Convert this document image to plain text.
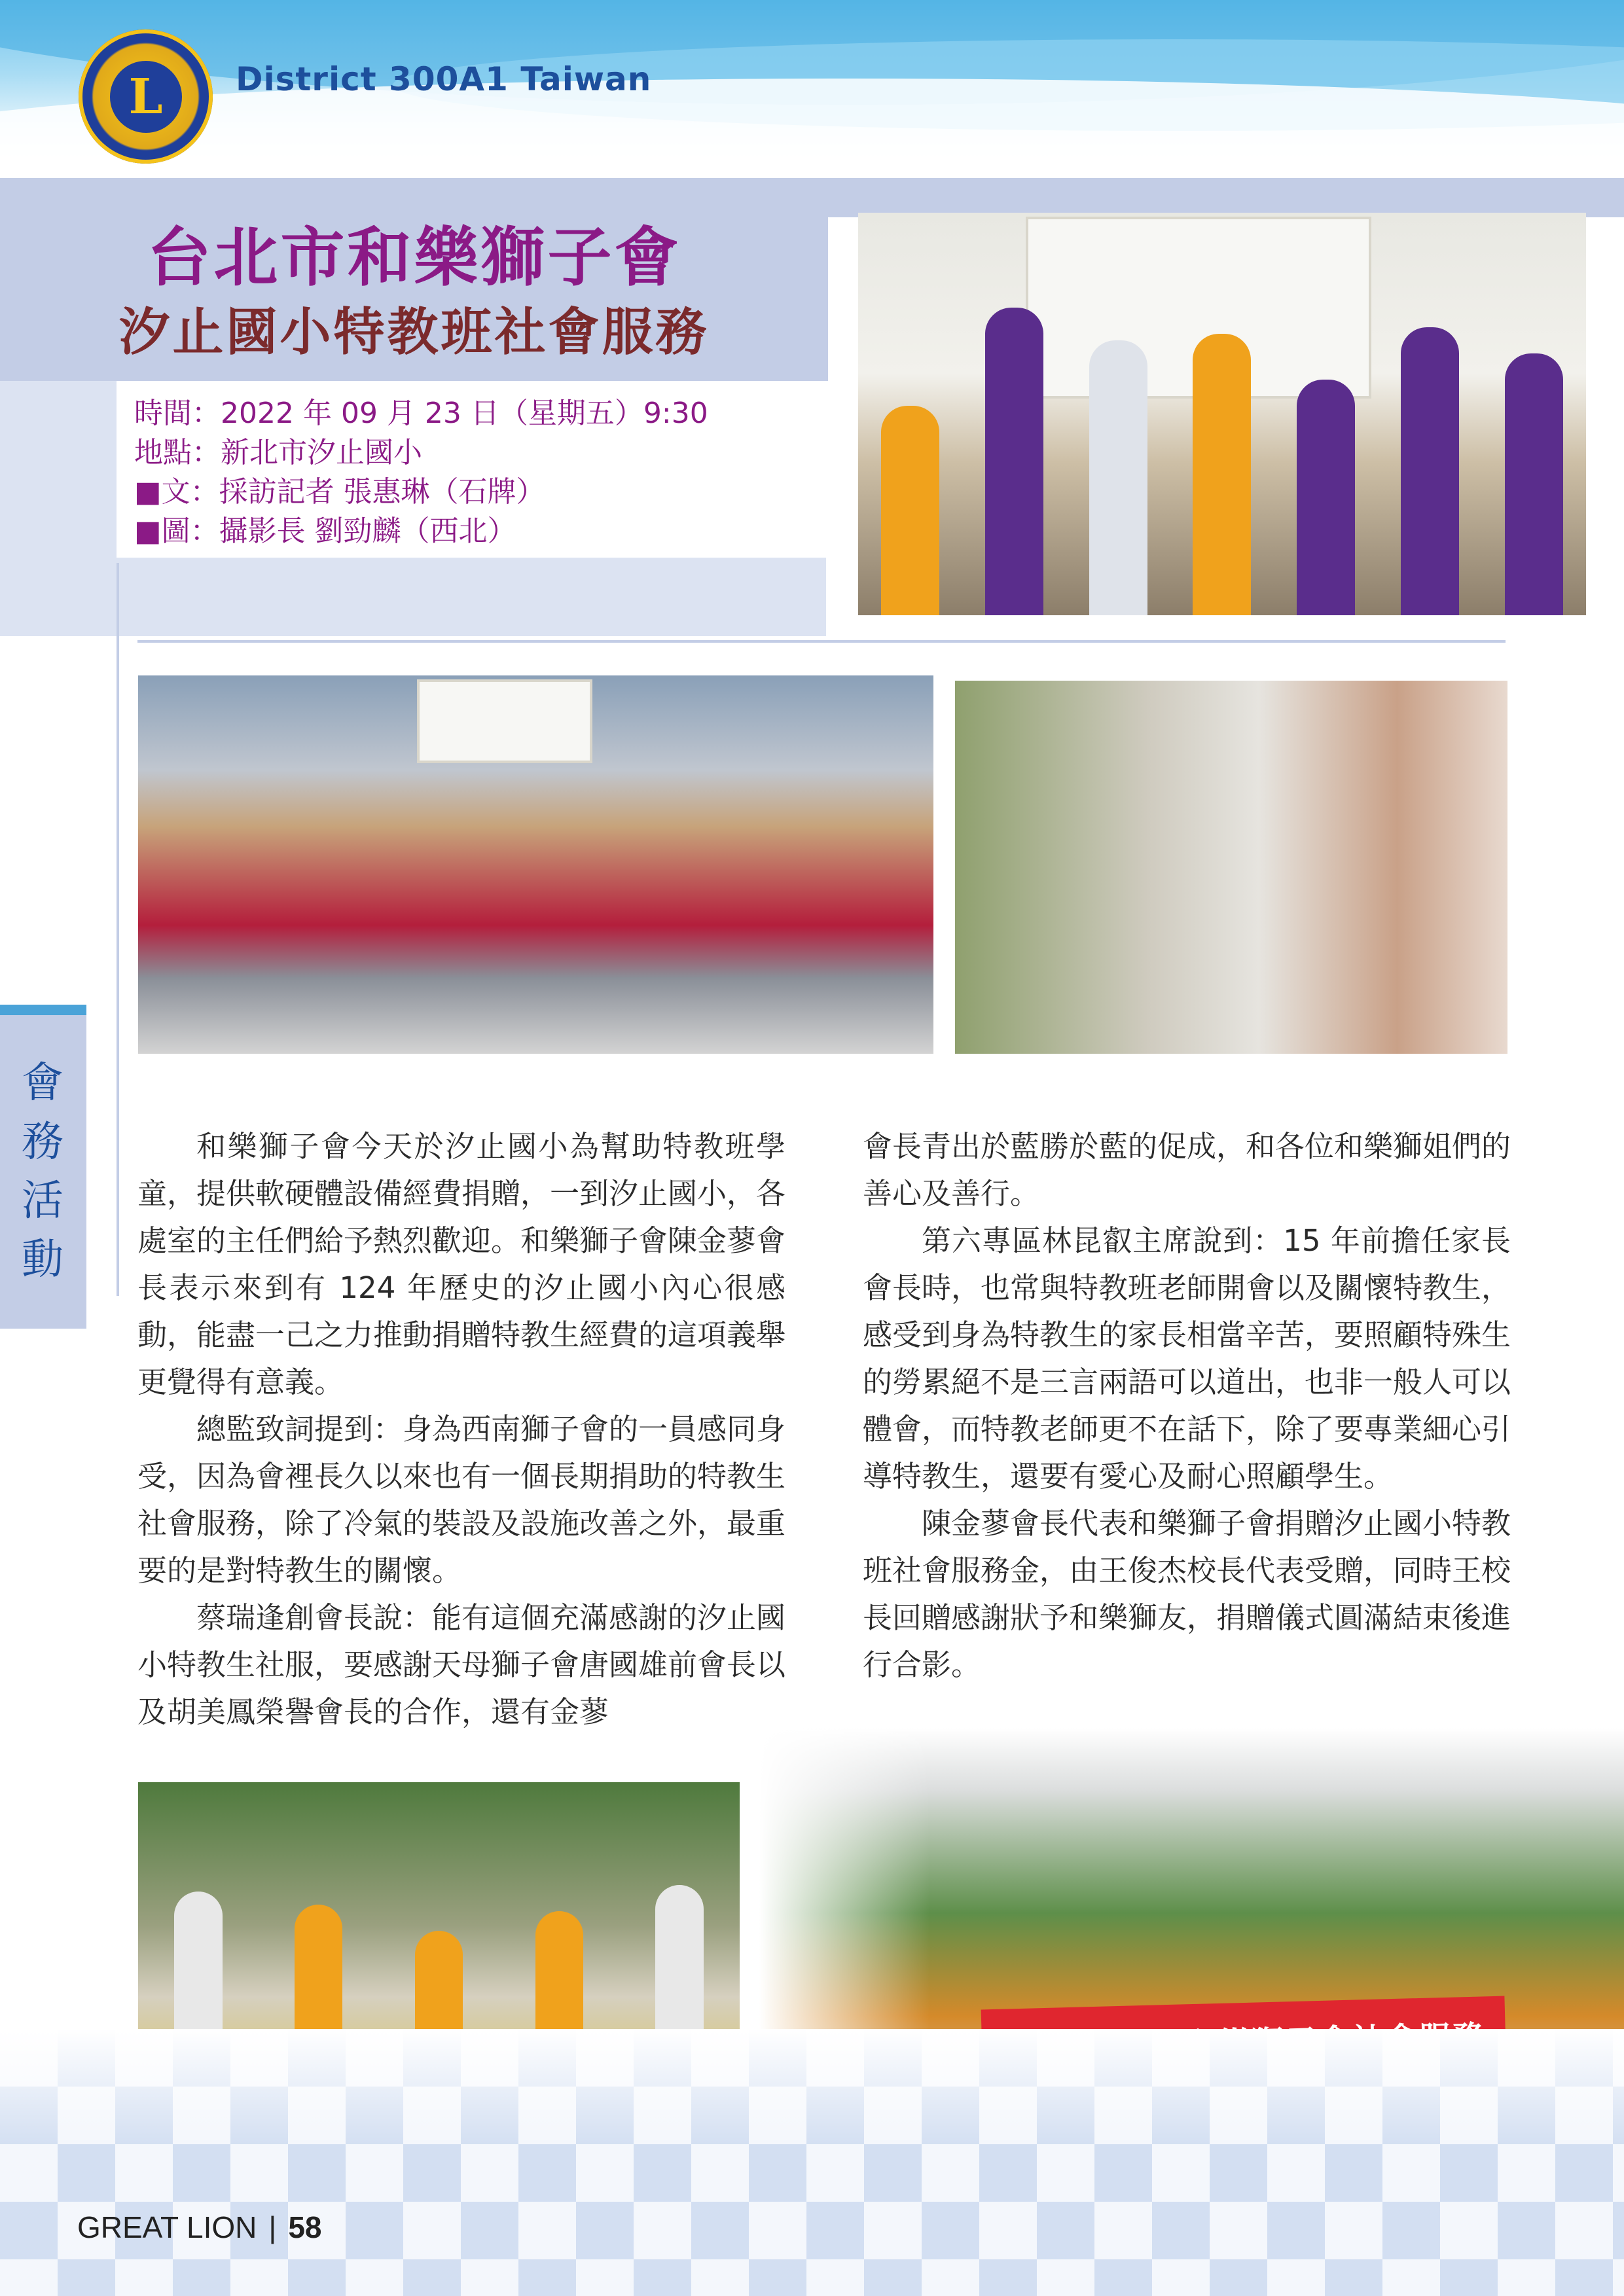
L	District 300A1 Taiwan
台北市和樂獅子會
汐止國小特教班社會服務
時間：2022 年 09 月 23 日（星期五）9:30
地點：新北市汐止國小
■文：採訪記者 張惠琳（石牌）
■圖：攝影長 劉勁麟（西北）
會
務
活
動

和樂獅子會今天於汐止國小為幫助特教班學童，提供軟硬體設備經費捐贈，一到汐止國小，各處室的主任們給予熱烈歡迎。和樂獅子會陳金蓼會長表示來到有 124 年歷史的汐止國小內心很感動，能盡一己之力推動捐贈特教生經費的這項義舉更覺得有意義。

總監致詞提到：身為西南獅子會的一員感同身受，因為會裡長久以來也有一個長期捐助的特教生社會服務，除了冷氣的裝設及設施改善之外，最重要的是對特教生的關懷。

蔡瑞逢創會長說：能有這個充滿感謝的汐止國小特教生社服，要感謝天母獅子會唐國雄前會長以及胡美鳳榮譽會長的合作，還有金蓼

會長青出於藍勝於藍的促成，和各位和樂獅姐們的善心及善行。

第六專區林昆叡主席說到：15 年前擔任家長會長時，也常與特教班老師開會以及關懷特教生，感受到身為特教生的家長相當辛苦，要照顧特殊生的勞累絕不是三言兩語可以道出，也非一般人可以體會，而特教老師更不在話下，除了要專業細心引導特教生，還要有愛心及耐心照顧學生。

陳金蓼會長代表和樂獅子會捐贈汐止國小特教班社會服務金，由王俊杰校長代表受贈，同時王校長回贈感謝狀予和樂獅友，捐贈儀式圓滿結束後進行合影。

GREAT LION | 58
